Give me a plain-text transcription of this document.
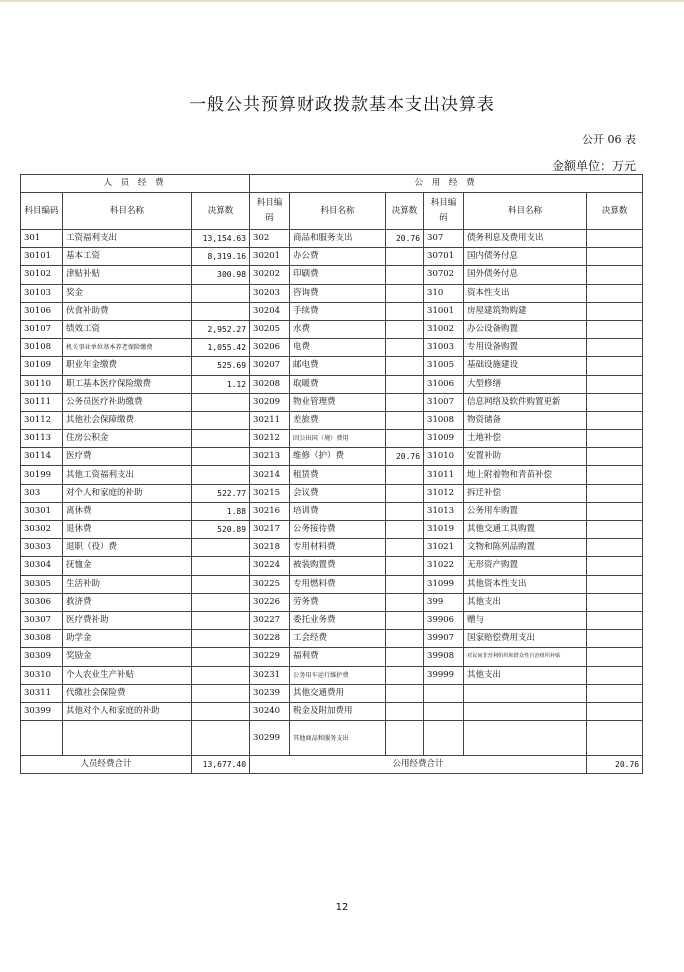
一般公共预算财政拨款基本支出决算表
公开 06 表
金额单位：万元
人 员 经 费			公 用 经 费					
科目编码	科目名称	决算数	科目编码	科目名称	决算数	科目编码	科目名称	决算数
301	工资福利支出	13,154.63	302	商品和服务支出	20.76	307	债务利息及费用支出	
30101	基本工资	8,319.16	30201	办公费		30701	国内债务付息	
30102	津贴补贴	300.98	30202	印刷费		30702	国外债务付息	
30103	奖金		30203	咨询费		310	资本性支出	
30106	伙食补助费		30204	手续费		31001	房屋建筑物购建	
30107	绩效工资	2,952.27	30205	水费		31002	办公设备购置	
30108	机关事业单位基本养老保险缴费	1,055.42	30206	电费		31003	专用设备购置	
30109	职业年金缴费	525.69	30207	邮电费		31005	基础设施建设	
30110	职工基本医疗保险缴费	1.12	30208	取暖费		31006	大型修缮	
30111	公务员医疗补助缴费		30209	物业管理费		31007	信息网络及软件购置更新	
30112	其他社会保障缴费		30211	差旅费		31008	物资储备	
30113	住房公积金		30212	因公出国（境）费用		31009	土地补偿	
30114	医疗费		30213	维修（护）费	20.76	31010	安置补助	
30199	其他工资福利支出		30214	租赁费		31011	地上附着物和青苗补偿	
303	对个人和家庭的补助	522.77	30215	会议费		31012	拆迁补偿	
30301	离休费	1.88	30216	培训费		31013	公务用车购置	
30302	退休费	520.89	30217	公务接待费		31019	其他交通工具购置	
30303	退职（役）费		30218	专用材料费		31021	文物和陈列品购置	
30304	抚恤金		30224	被装购置费		31022	无形资产购置	
30305	生活补助		30225	专用燃料费		31099	其他资本性支出	
30306	救济费		30226	劳务费		399	其他支出	
30307	医疗费补助		30227	委托业务费		39906	赠与	
30308	助学金		30228	工会经费		39907	国家赔偿费用支出	
30309	奖励金		30229	福利费		39908	对民间非营利组织和群众性自治组织补贴	
30310	个人农业生产补贴		30231	公务用车运行维护费		39999	其他支出	
30311	代缴社会保险费		30239	其他交通费用				
30399	其他对个人和家庭的补助		30240	税金及附加费用				
			30299	其他商品和服务支出				
人员经费合计		13,677.40	公用经费合计					20.76
12
